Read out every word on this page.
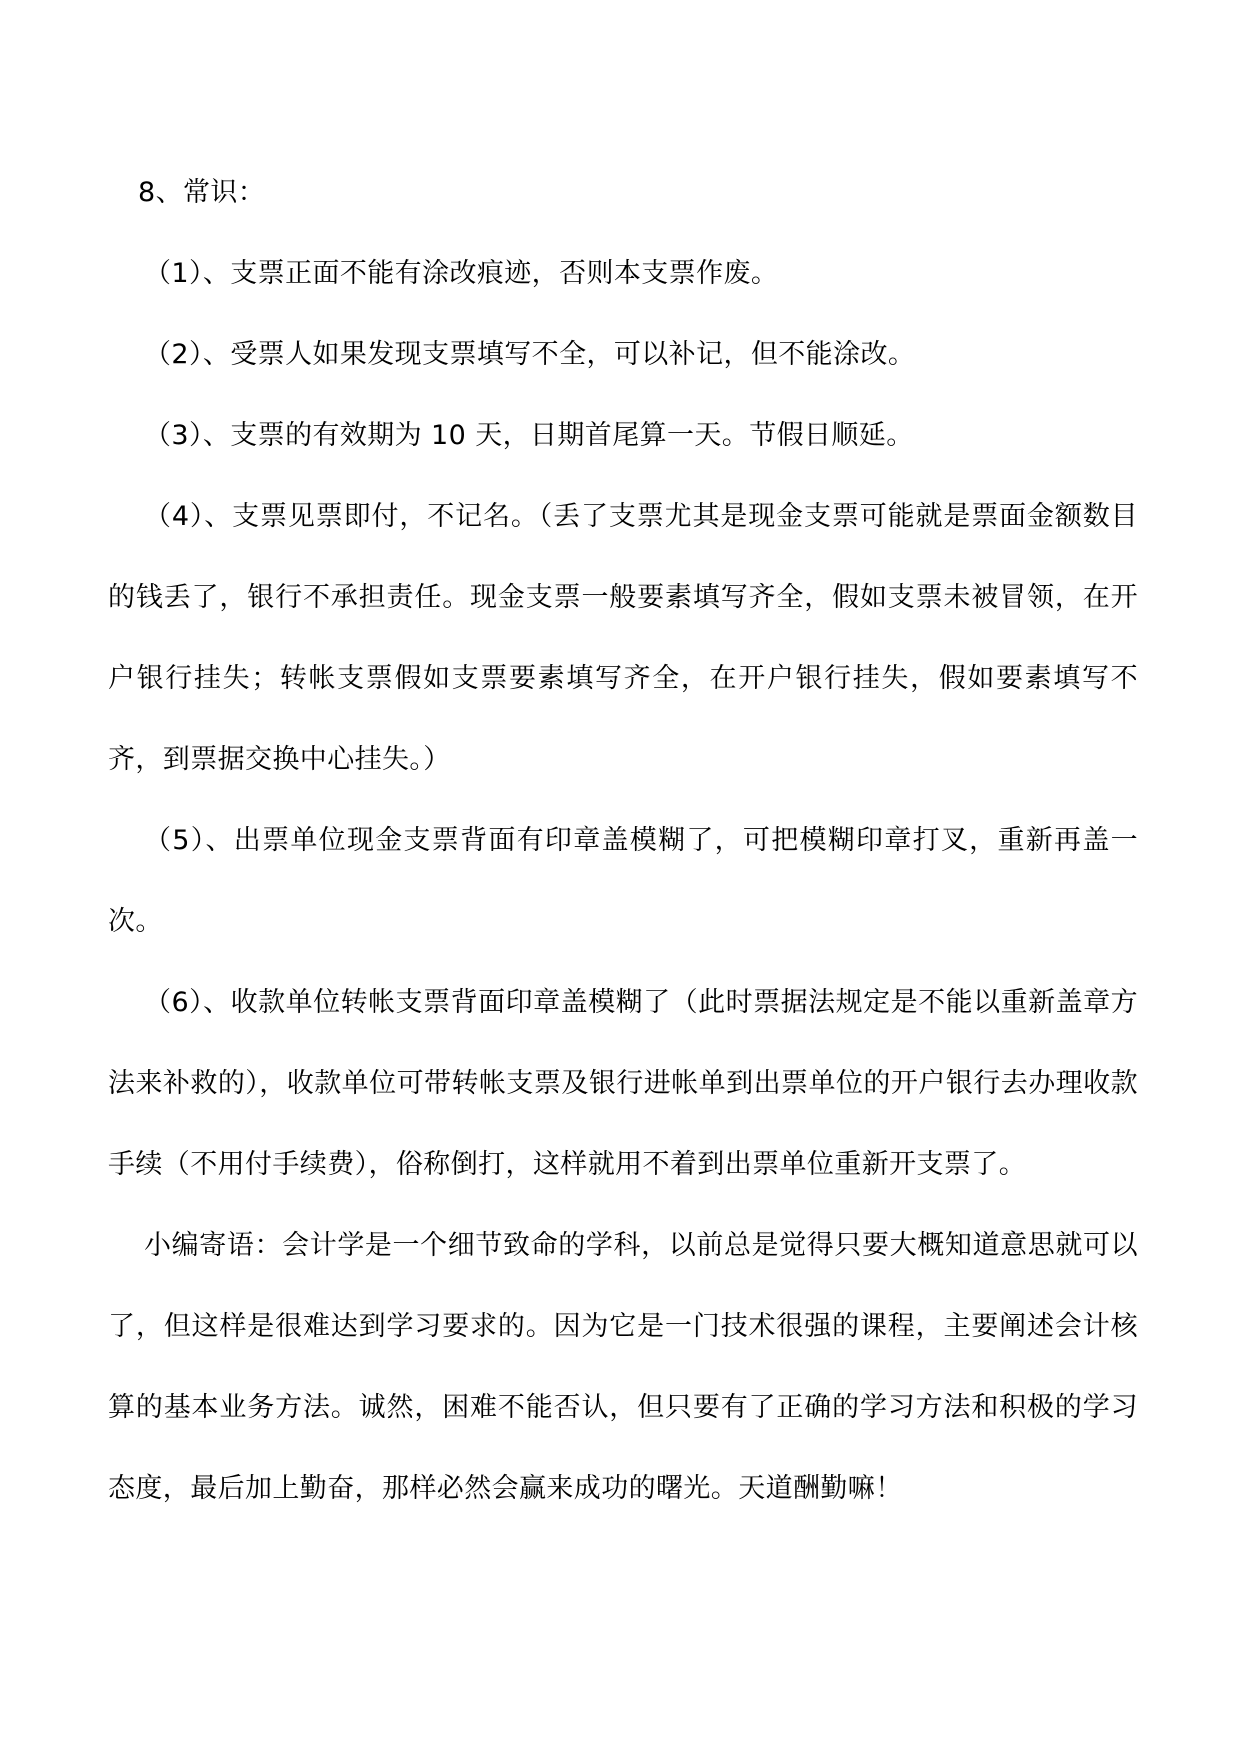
8、常识：

（1）、支票正面不能有涂改痕迹，否则本支票作废。

（2）、受票人如果发现支票填写不全，可以补记，但不能涂改。

（3）、支票的有效期为 10 天，日期首尾算一天。节假日顺延。

（4）、支票见票即付，不记名。（丢了支票尤其是现金支票可能就是票面金额数目的钱丢了，银行不承担责任。现金支票一般要素填写齐全，假如支票未被冒领，在开户银行挂失；转帐支票假如支票要素填写齐全，在开户银行挂失，假如要素填写不齐，到票据交换中心挂失。）

（5）、出票单位现金支票背面有印章盖模糊了，可把模糊印章打叉，重新再盖一次。

（6）、收款单位转帐支票背面印章盖模糊了（此时票据法规定是不能以重新盖章方法来补救的），收款单位可带转帐支票及银行进帐单到出票单位的开户银行去办理收款手续（不用付手续费），俗称倒打，这样就用不着到出票单位重新开支票了。

小编寄语：会计学是一个细节致命的学科，以前总是觉得只要大概知道意思就可以了，但这样是很难达到学习要求的。因为它是一门技术很强的课程，主要阐述会计核算的基本业务方法。诚然，困难不能否认，但只要有了正确的学习方法和积极的学习态度，最后加上勤奋，那样必然会赢来成功的曙光。天道酬勤嘛！
